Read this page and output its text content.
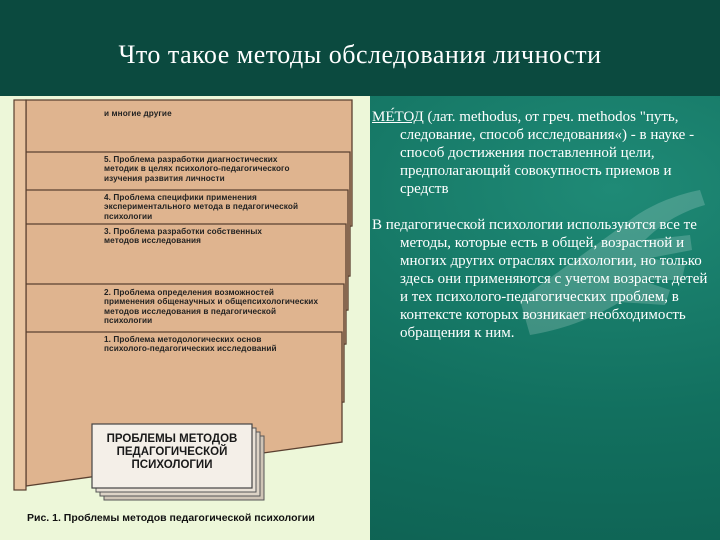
Что такое методы обследования личности
и многие другие
5. Проблема разработки диагностических
методик в целях психолого-педагогического
изучения развития личности
4. Проблема специфики применения
экспериментального метода в педагогической
психологии
3. Проблема разработки собственных
методов исследования
2. Проблема определения возможностей
применения общенаучных и общепсихологических
методов исследования в педагогической
психологии
1. Проблема методологических основ
психолого-педагогических исследований
ПРОБЛЕМЫ МЕТОДОВ
ПЕДАГОГИЧЕСКОЙ
ПСИХОЛОГИИ
Рис. 1. Проблемы методов педагогической психологии

МЕ́ТОД (лат. methodus, от греч. methodos "путь, следование, способ исследования«) - в науке - способ достижения поставленной цели, предполагающий совокупность приемов и средств

В педагогической психологии используются все те методы, которые есть в общей, возрастной и многих других отраслях психологии, но только здесь они применяются с учетом возраста детей и тех психолого-педагогических проблем, в контексте которых возникает необходимость обращения к ним.
